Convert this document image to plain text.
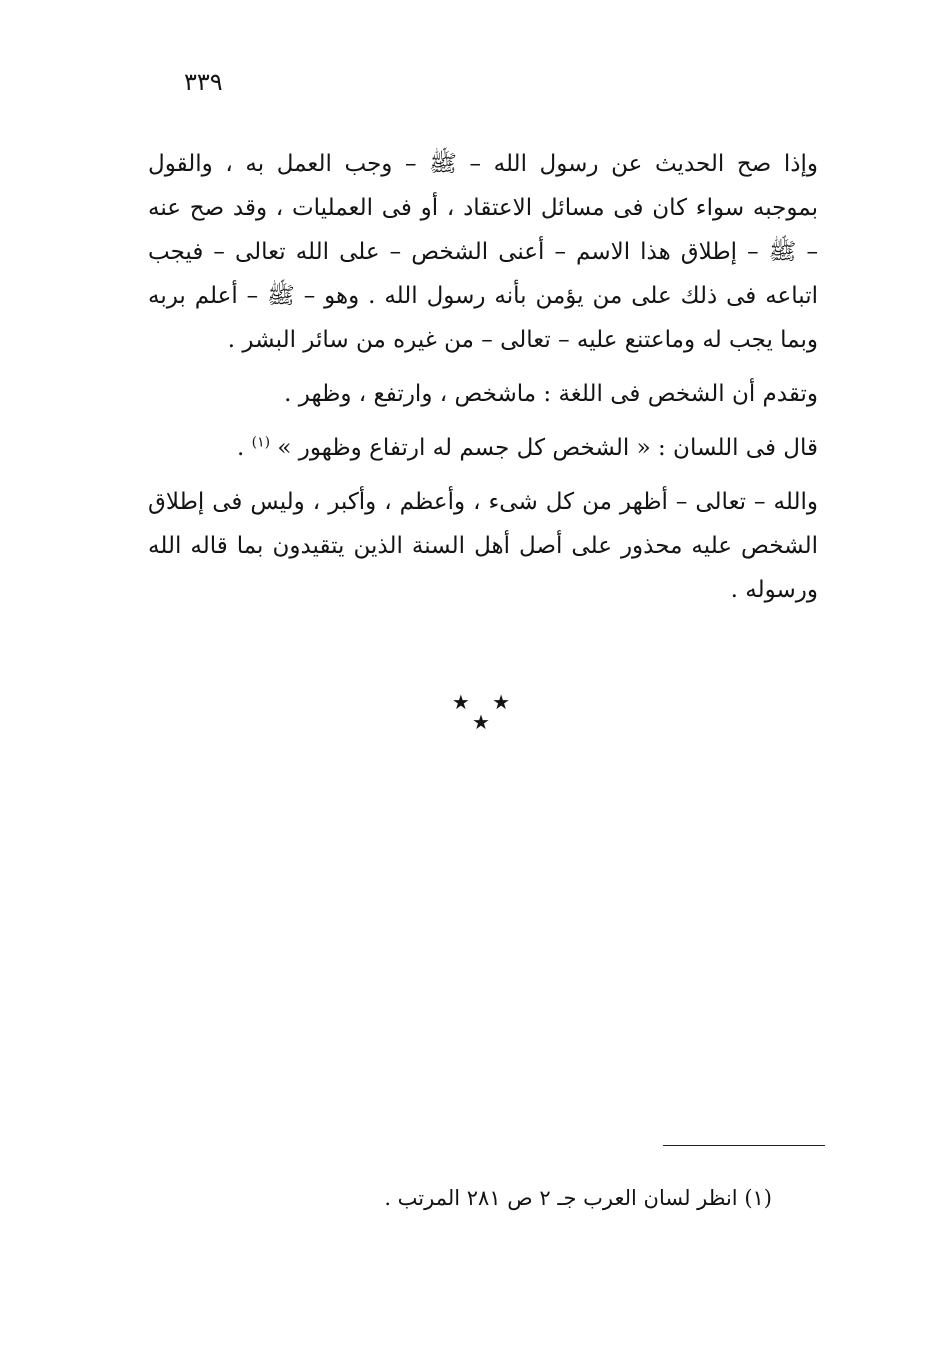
٣٣٩

وإذا صح الحديث عن رسول الله – ﷺ – وجب العمل به ، والقول بموجبه سواء كان فى مسائل الاعتقاد ، أو فى العمليات ، وقد صح عنه – ﷺ – إطلاق هذا الاسم – أعنى الشخص – على الله تعالى – فيجب اتباعه فى ذلك على من يؤمن بأنه رسول الله . وهو – ﷺ – أعلم بربه وبما يجب له وماعتنع عليه – تعالى – من غيره من سائر البشر .

وتقدم أن الشخص فى اللغة : ماشخص ، وارتفع ، وظهر .

قال فى اللسان : « الشخص كل جسم له ارتفاع وظهور » $^{(١)}$ .

والله – تعالى – أظهر من كل شىء ، وأعظم ، وأكبر ، وليس فى إطلاق الشخص عليه محذور على أصل أهل السنة الذين يتقيدون بما قاله الله ورسوله .

★ ★ ★

(١) انظر لسان العرب جـ ٢ ص ٢٨١ المرتب .
